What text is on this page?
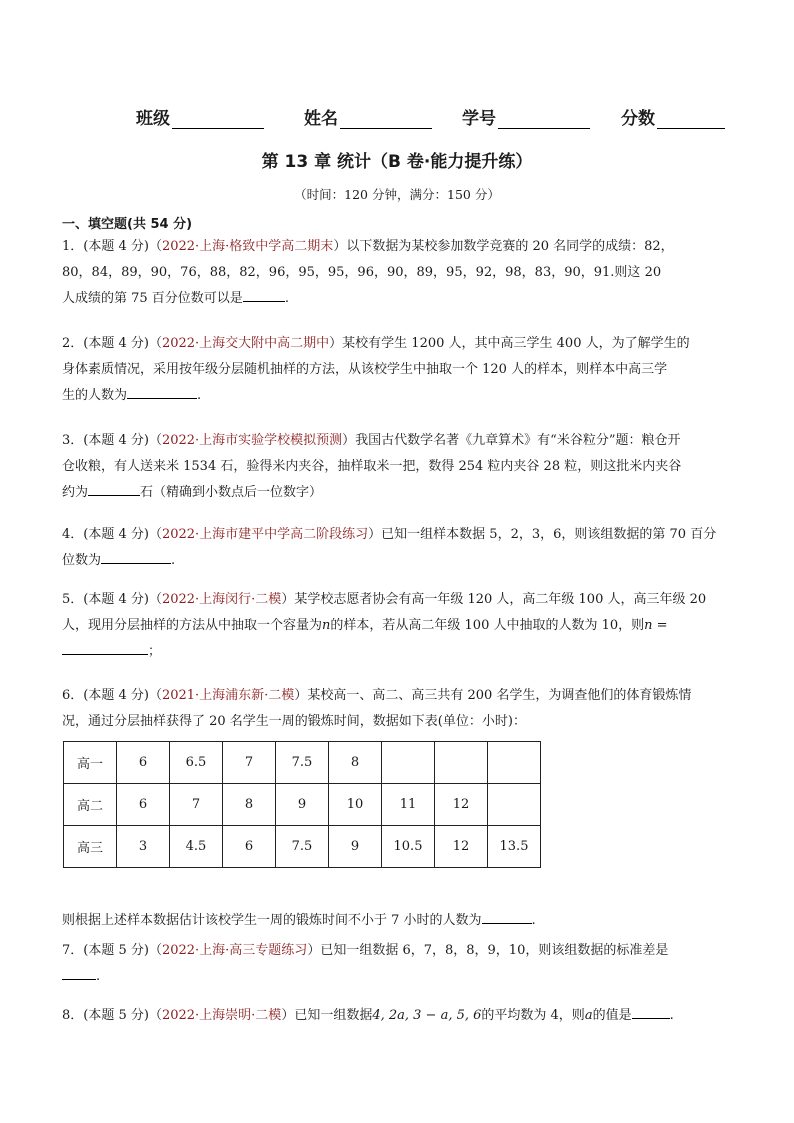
班级	姓名	学号	分数
第 13 章 统计（B 卷·能力提升练）
（时间：120 分钟，满分：150 分）
一、填空题(共 54 分)
1．(本题 4 分)（2022·上海·格致中学高二期末）以下数据为某校参加数学竞赛的 20 名同学的成绩：82，
80，84，89，90，76，88，82，96，95，95，96，90，89，95，92，98，83，90，91.则这 20
人成绩的第 75 百分位数可以是	.
2．(本题 4 分)（2022·上海交大附中高二期中）某校有学生 1200 人，其中高三学生 400 人，为了解学生的
身体素质情况，采用按年级分层随机抽样的方法，从该校学生中抽取一个 120 人的样本，则样本中高三学
生的人数为	.
3．(本题 4 分)（2022·上海市实验学校模拟预测）我国古代数学名著《九章算术》有“米谷粒分”题：粮仓开
仓收粮，有人送来米 1534 石，验得米内夹谷，抽样取米一把，数得 254 粒内夹谷 28 粒，则这批米内夹谷
约为	石（精确到小数点后一位数字）
4．(本题 4 分)（2022·上海市建平中学高二阶段练习）已知一组样本数据 5，2，3，6，则该组数据的第 70 百分
位数为	.
5．(本题 4 分)（2022·上海闵行·二模）某学校志愿者协会有高一年级 120 人，高二年级 100 人，高三年级 20
人，现用分层抽样的方法从中抽取一个容量为n的样本，若从高二年级 100 人中抽取的人数为 10，则n =
；
6．(本题 4 分)（2021·上海浦东新·二模）某校高一、高二、高三共有 200 名学生，为调查他们的体育锻炼情
况，通过分层抽样获得了 20 名学生一周的锻炼时间，数据如下表(单位：小时)：
高一	6	6.5	7	7.5	8			
高二	6	7	8	9	10	11	12	
高三	3	4.5	6	7.5	9	10.5	12	13.5
则根据上述样本数据估计该校学生一周的锻炼时间不小于 7 小时的人数为	.
7．(本题 5 分)（2022·上海·高三专题练习）已知一组数据 6，7，8，8，9，10，则该组数据的标准差是
.
8．(本题 5 分)（2022·上海崇明·二模）已知一组数据4, 2a, 3 − a, 5, 6的平均数为 4，则a的值是	.
